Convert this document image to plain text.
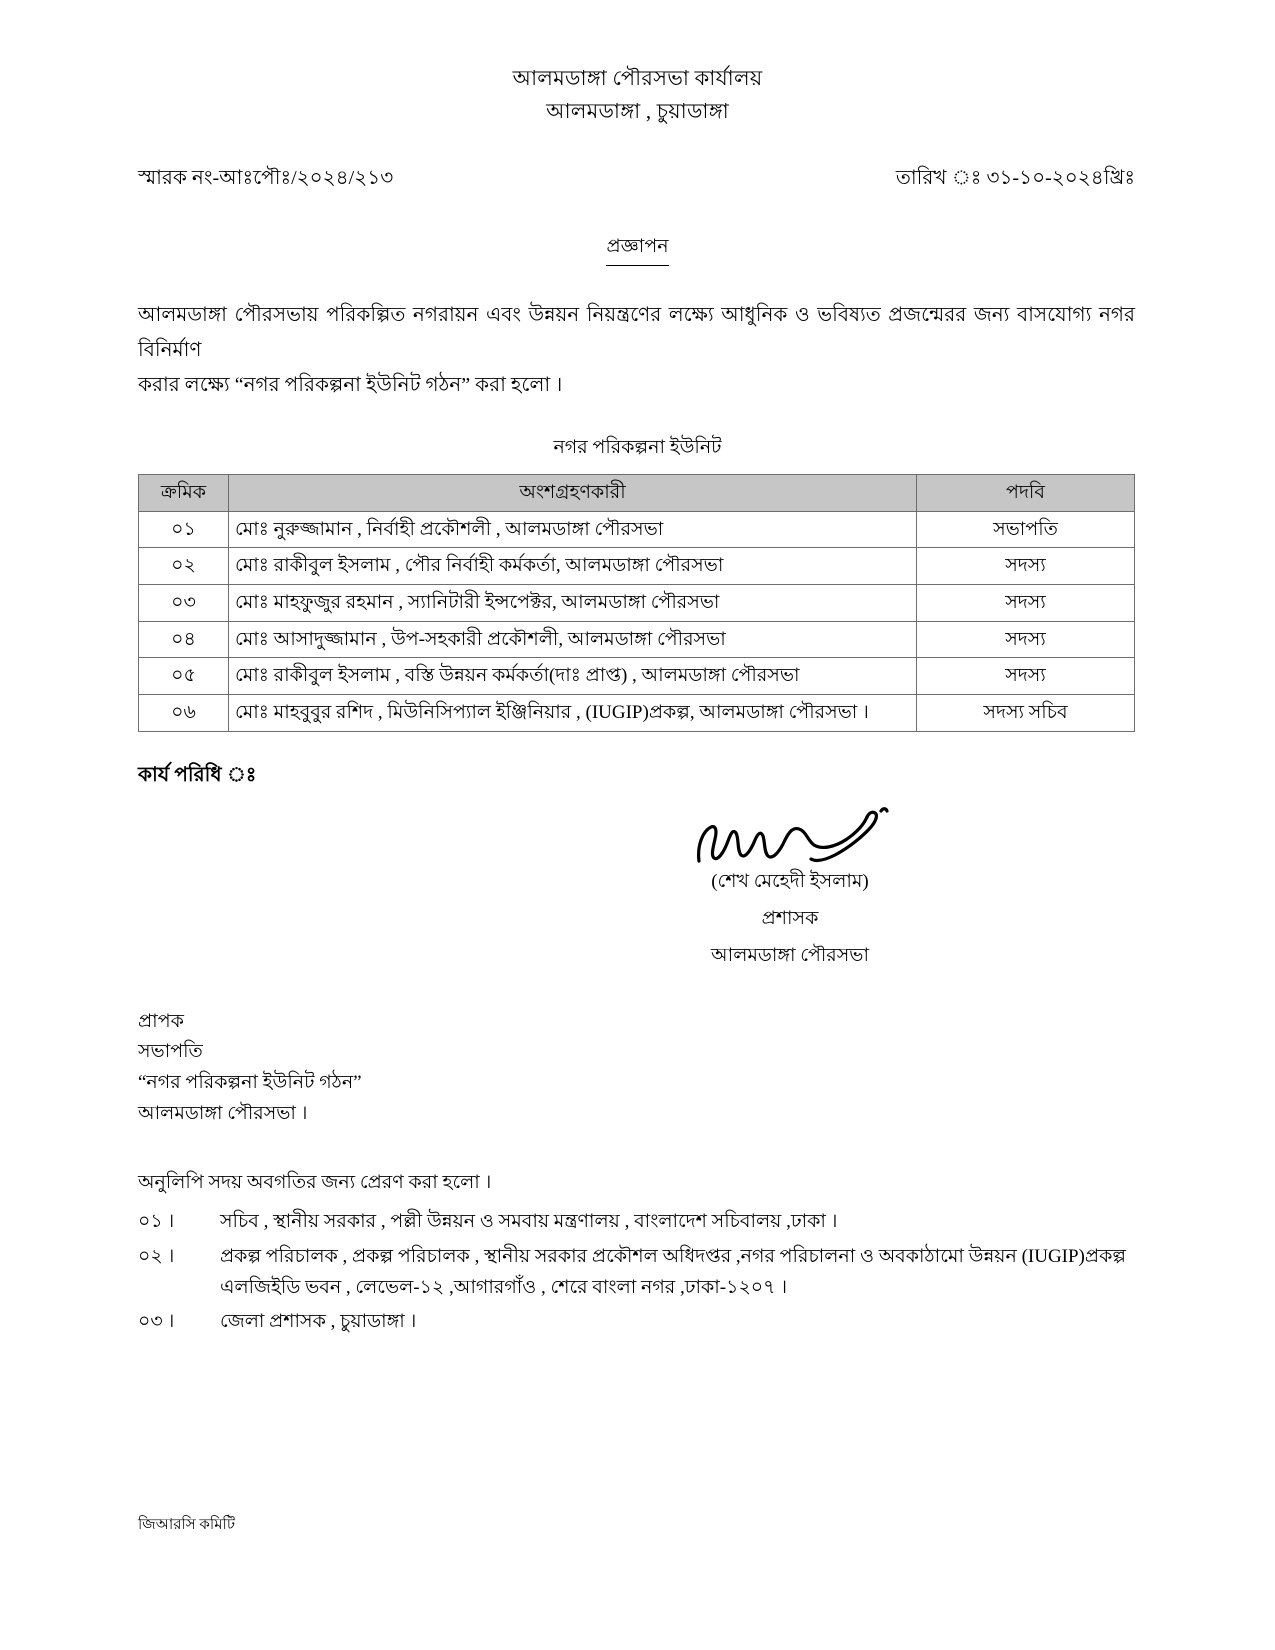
আলমডাঙ্গা পৌরসভা কার্যালয়
আলমডাঙ্গা , চুয়াডাঙ্গা
স্মারক নং-আঃপৌঃ/২০২৪/২১৩	তারিখ ঃ ৩১-১০-২০২৪খ্রিঃ
প্রজ্ঞাপন
আলমডাঙ্গা পৌরসভায় পরিকল্পিত নগরায়ন এবং উন্নয়ন নিয়ন্ত্রণের লক্ষ্যে আধুনিক ও ভবিষ্যত প্রজন্মেরর জন্য বাসযোগ্য নগর বিনির্মাণ
করার লক্ষ্যে “নগর পরিকল্পনা ইউনিট গঠন” করা হলো ।
নগর পরিকল্পনা ইউনিট
ক্রমিক	অংশগ্রহণকারী	পদবি
০১	মোঃ নুরুজ্জামান , নির্বাহী প্রকৌশলী , আলমডাঙ্গা পৌরসভা	সভাপতি
০২	মোঃ রাকীবুল ইসলাম , পৌর নির্বাহী কর্মকর্তা, আলমডাঙ্গা পৌরসভা	সদস্য
০৩	মোঃ মাহফুজুর রহমান , স্যানিটারী ইন্সপেক্টর, আলমডাঙ্গা পৌরসভা	সদস্য
০৪	মোঃ আসাদুজ্জামান , উপ-সহকারী প্রকৌশলী, আলমডাঙ্গা পৌরসভা	সদস্য
০৫	মোঃ রাকীবুল ইসলাম , বস্তি উন্নয়ন কর্মকর্তা(দাঃ প্রাপ্ত) , আলমডাঙ্গা পৌরসভা	সদস্য
০৬	মোঃ মাহবুবুর রশিদ , মিউনিসিপ্যাল ইঞ্জিনিয়ার , (IUGIP)প্রকল্প, আলমডাঙ্গা পৌরসভা ।	সদস্য সচিব
কার্য পরিধি ঃ
(শেখ মেহেদী ইসলাম)
প্রশাসক
আলমডাঙ্গা পৌরসভা
প্রাপক
সভাপতি
“নগর পরিকল্পনা ইউনিট গঠন”
আলমডাঙ্গা পৌরসভা ।
অনুলিপি সদয় অবগতির জন্য প্রেরণ করা হলো ।
০১ ।	সচিব , স্থানীয় সরকার , পল্লী উন্নয়ন ও সমবায় মন্ত্রণালয় , বাংলাদেশ সচিবালয় ,ঢাকা ।
০২ ।	প্রকল্প পরিচালক , প্রকল্প পরিচালক , স্থানীয় সরকার প্রকৌশল অধিদপ্তর ,নগর পরিচালনা ও অবকাঠামো উন্নয়ন (IUGIP)প্রকল্প
এলজিইডি ভবন , লেভেল-১২ ,আগারগাঁও , শেরে বাংলা নগর ,ঢাকা-১২০৭ ।
০৩ ।	জেলা প্রশাসক , চুয়াডাঙ্গা ।
জিআরসি কমিটি
